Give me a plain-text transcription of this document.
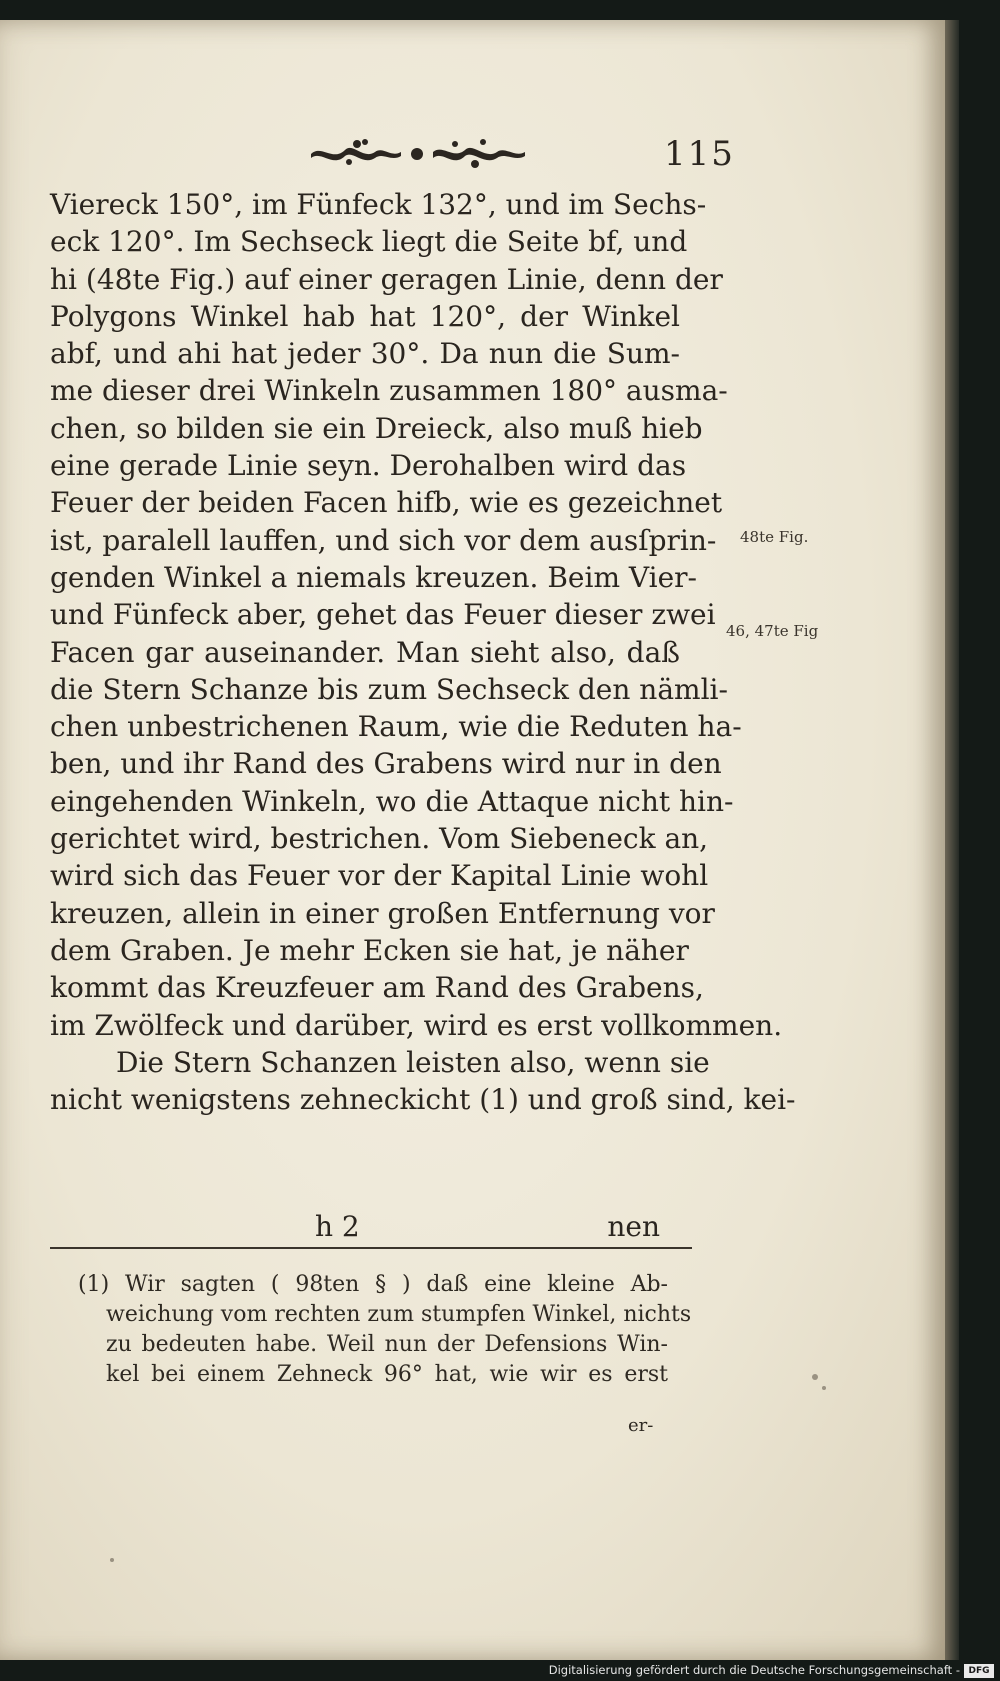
115
Viereck 150°, im Fünfeck 132°, und im Sechs-
eck 120°. Im Sechseck liegt die Seite bf, und
hi (48te Fig.) auf einer geragen Linie, denn der
Polygons Winkel hab hat 120°, der Winkel
abf, und ahi hat jeder 30°. Da nun die Sum-
me dieser drei Winkeln zusammen 180° ausma-
chen, so bilden sie ein Dreieck, also muß hieb
eine gerade Linie seyn. Derohalben wird das
Feuer der beiden Facen hifb, wie es gezeichnet
ist, paralell lauffen, und sich vor dem ausſprin-
genden Winkel a niemals kreuzen. Beim Vier-
und Fünfeck aber, gehet das Feuer dieser zwei
Facen gar auseinander. Man sieht also, daß
die Stern Schanze bis zum Sechseck den nämli-
chen unbestrichenen Raum, wie die Reduten ha-
ben, und ihr Rand des Grabens wird nur in den
eingehenden Winkeln, wo die Attaque nicht hin-
gerichtet wird, bestrichen. Vom Siebeneck an,
wird sich das Feuer vor der Kapital Linie wohl
kreuzen, allein in einer großen Entfernung vor
dem Graben. Je mehr Ecken sie hat, je näher
kommt das Kreuzfeuer am Rand des Grabens,
im Zwölfeck und darüber, wird es erst vollkommen.
Die Stern Schanzen leisten also, wenn sie
nicht wenigstens zehneckicht (1) und groß sind, kei-
48te Fig.
46, 47te Fig
h 2	nen
(1) Wir sagten ( 98ten § ) daß eine kleine Ab-
weichung vom rechten zum stumpfen Winkel, nichts
zu bedeuten habe. Weil nun der Defensions Win-
kel bei einem Zehneck 96° hat, wie wir es erst
er-
Digitalisierung gefördert durch die Deutsche Forschungsgemeinschaft - DFG
